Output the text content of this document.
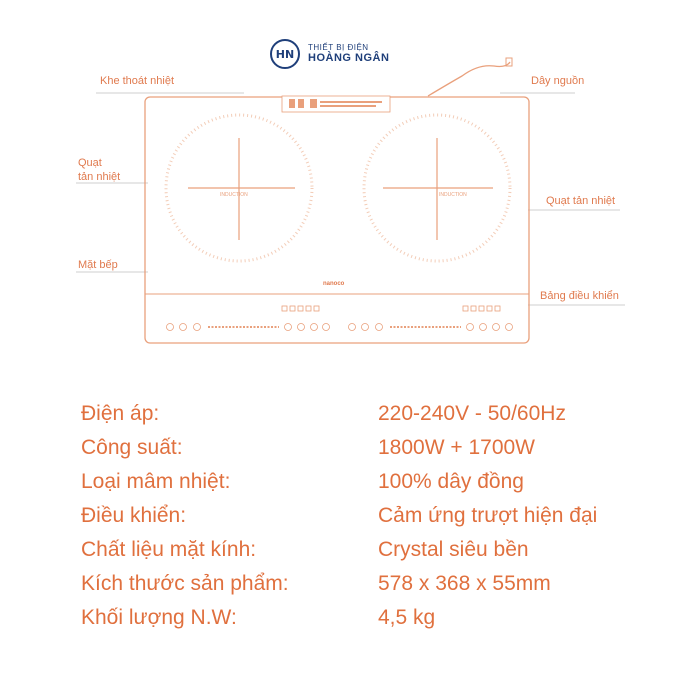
HN	THIẾT BỊ ĐIỆN
HOÀNG NGÂN
INDUCTION	INDUCTION
nanoco
Khe thoát nhiệt	Dây nguồn
Quạt
tản nhiệt
Quạt tản nhiệt
Mặt bếp
Bảng điều khiển
Điện áp:	220-240V - 50/60Hz
Công suất:	1800W + 1700W
Loại mâm nhiệt:	100% dây đồng
Điều khiển:	Cảm ứng trượt hiện đại
Chất liệu mặt kính:	Crystal siêu bền
Kích thước sản phẩm:	578 x 368 x 55mm
Khối lượng N.W:	4,5 kg
